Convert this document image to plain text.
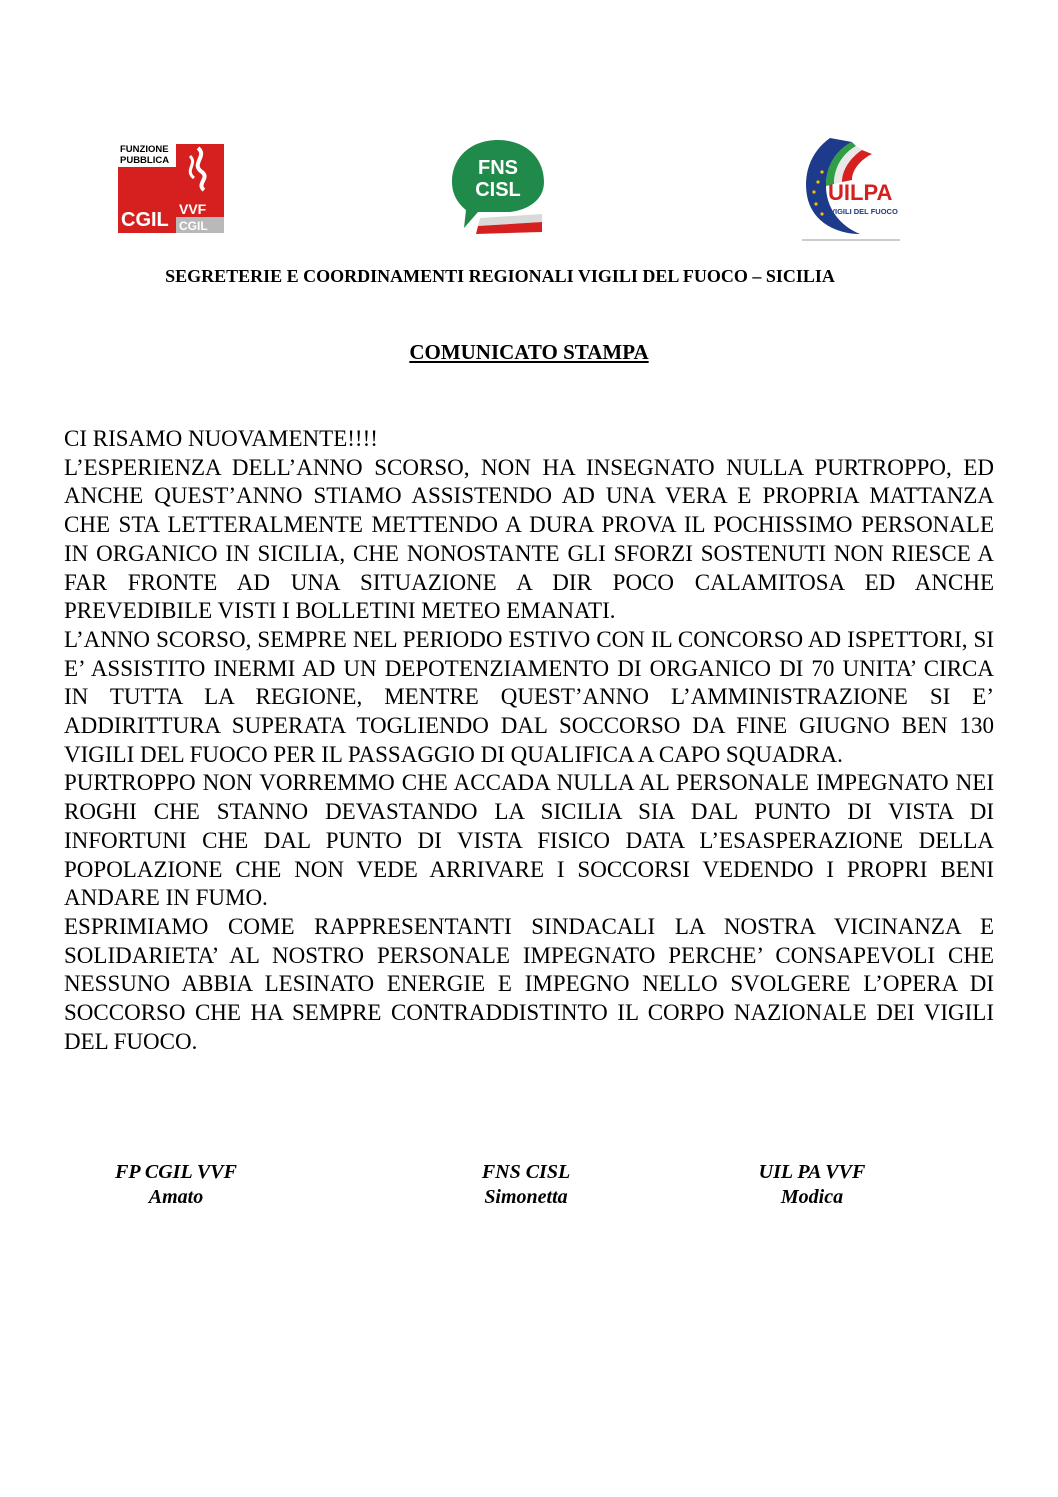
FUNZIONE
PUBBLICA
CGIL VVF
CGIL
FNS
CISL	UILPA
VIGILI DEL FUOCO
SEGRETERIE E COORDINAMENTI REGIONALI VIGILI DEL FUOCO – SICILIA
COMUNICATO STAMPA

CI RISAMO NUOVAMENTE!!!!

L’ESPERIENZA DELL’ANNO SCORSO, NON HA INSEGNATO NULLA PURTROPPO, ED ANCHE QUEST’ANNO STIAMO ASSISTENDO AD UNA VERA E PROPRIA MATTANZA CHE STA LETTERALMENTE METTENDO A DURA PROVA IL POCHISSIMO PERSONALE IN ORGANICO IN SICILIA, CHE NONOSTANTE GLI SFORZI SOSTENUTI NON RIESCE A FAR FRONTE AD UNA SITUAZIONE A DIR POCO CALAMITOSA ED ANCHE PREVEDIBILE VISTI I BOLLETINI METEO EMANATI.

L’ANNO SCORSO, SEMPRE NEL PERIODO ESTIVO CON IL CONCORSO AD ISPETTORI, SI E’ ASSISTITO INERMI AD UN DEPOTENZIAMENTO DI ORGANICO DI 70 UNITA’ CIRCA IN TUTTA LA REGIONE, MENTRE QUEST’ANNO L’AMMINISTRAZIONE SI E’ ADDIRITTURA SUPERATA TOGLIENDO DAL SOCCORSO DA FINE GIUGNO BEN 130 VIGILI DEL FUOCO PER IL PASSAGGIO DI QUALIFICA A CAPO SQUADRA.

PURTROPPO NON VORREMMO CHE ACCADA NULLA AL PERSONALE IMPEGNATO NEI ROGHI CHE STANNO DEVASTANDO LA SICILIA SIA DAL PUNTO DI VISTA DI INFORTUNI CHE DAL PUNTO DI VISTA FISICO DATA L’ESASPERAZIONE DELLA POPOLAZIONE CHE NON VEDE ARRIVARE I SOCCORSI VEDENDO I PROPRI BENI ANDARE IN FUMO.

ESPRIMIAMO COME RAPPRESENTANTI SINDACALI LA NOSTRA VICINANZA E SOLIDARIETA’ AL NOSTRO PERSONALE IMPEGNATO PERCHE’ CONSAPEVOLI CHE NESSUNO ABBIA LESINATO ENERGIE E IMPEGNO NELLO SVOLGERE L’OPERA DI SOCCORSO CHE HA SEMPRE CONTRADDISTINTO IL CORPO NAZIONALE DEI VIGILI DEL FUOCO.

FP CGIL VVF
Amato
FNS CISL
Simonetta
UIL PA VVF
Modica
